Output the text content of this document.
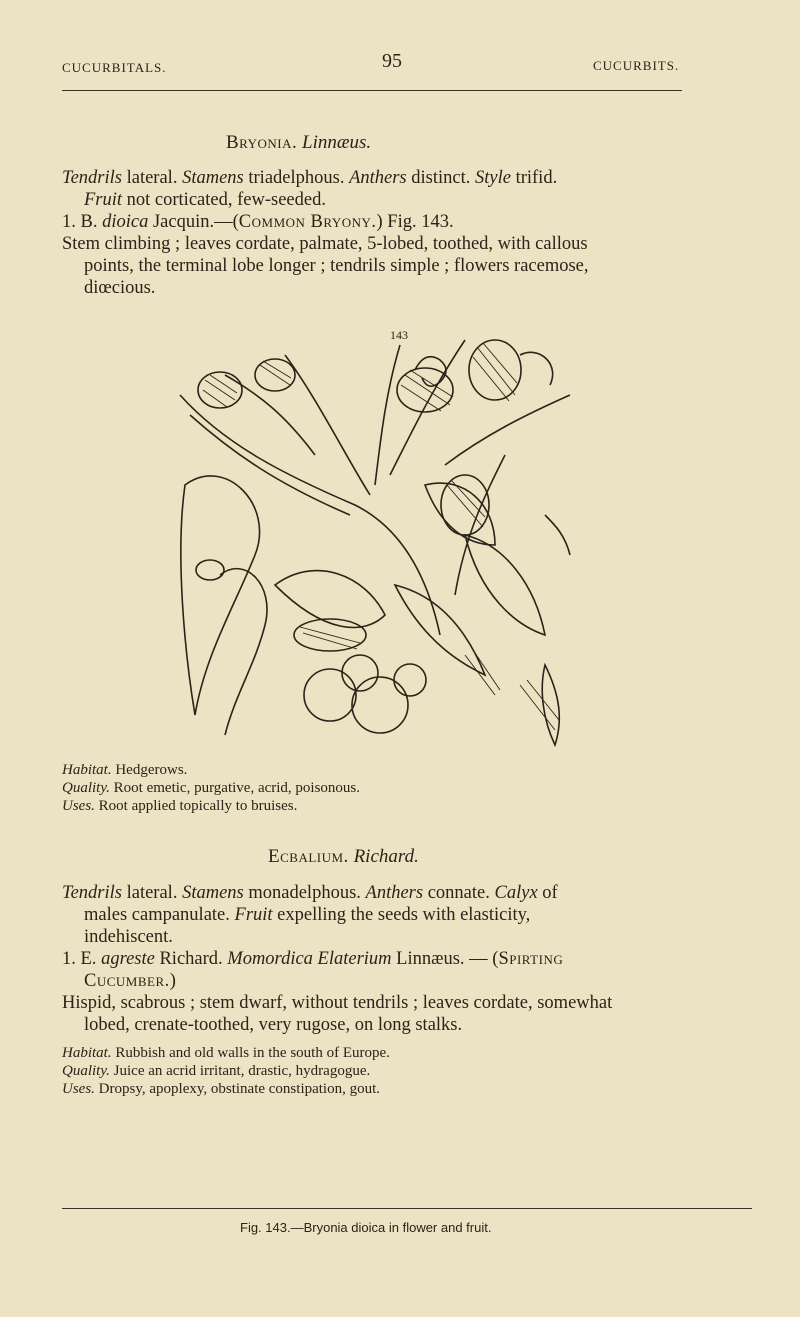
CUCURBITALS.	95	CUCURBITS.
Bryonia. Linnæus.
Tendrils lateral. Stamens triadelphous. Anthers distinct. Style trifid.
Fruit not corticated, few-seeded.
1. B. dioica Jacquin.—(Common Bryony.) Fig. 143.
Stem climbing ; leaves cordate, palmate, 5-lobed, toothed, with callous
points, the terminal lobe longer ; tendrils simple ; flowers racemose,
diœcious.
143
Habitat. Hedgerows.
Quality. Root emetic, purgative, acrid, poisonous.
Uses. Root applied topically to bruises.
Ecbalium. Richard.
Tendrils lateral. Stamens monadelphous. Anthers connate. Calyx of
males campanulate. Fruit expelling the seeds with elasticity,
indehiscent.
1. E. agreste Richard. Momordica Elaterium Linnæus. — (Spirting
Cucumber.)
Hispid, scabrous ; stem dwarf, without tendrils ; leaves cordate, somewhat
lobed, crenate-toothed, very rugose, on long stalks.
Habitat. Rubbish and old walls in the south of Europe.
Quality. Juice an acrid irritant, drastic, hydragogue.
Uses. Dropsy, apoplexy, obstinate constipation, gout.
Fig. 143.—Bryonia dioica in flower and fruit.
